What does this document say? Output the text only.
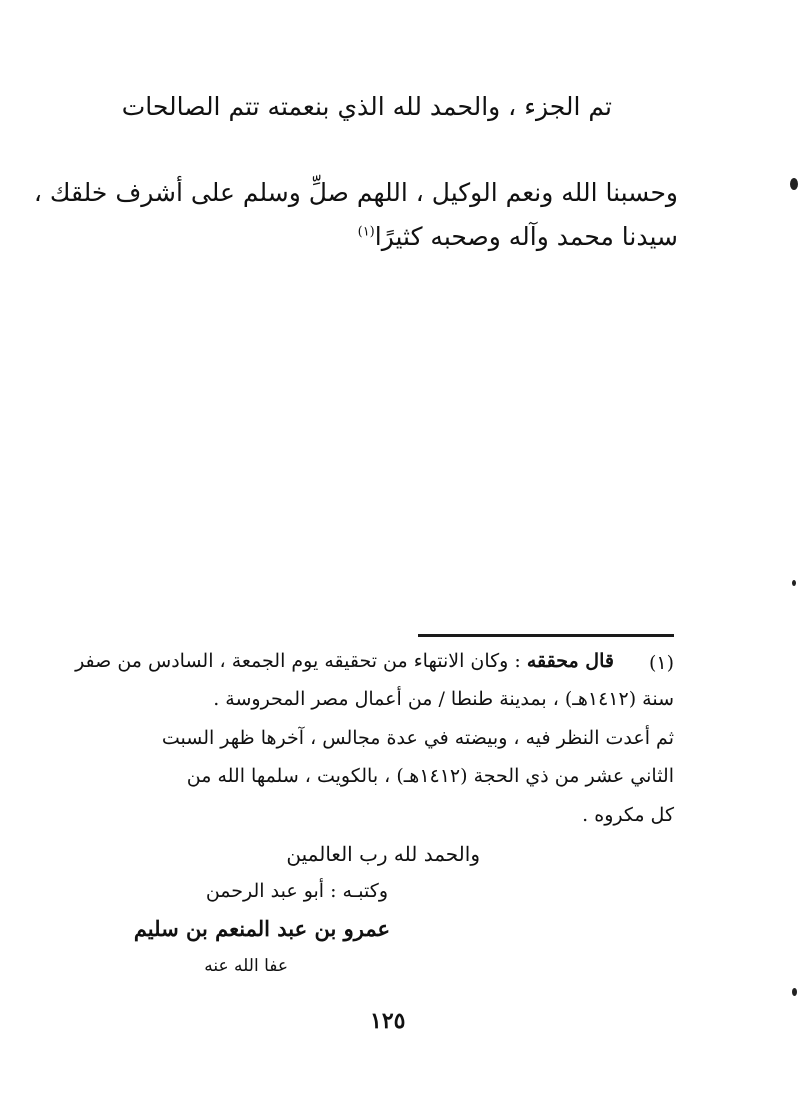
تم الجزء ، والحمد لله الذي بنعمته تتم الصالحات
وحسبنا الله ونعم الوكيل ، اللهم صلِّ وسلم على أشرف خلقك ،
سيدنا محمد وآله وصحبه كثيرًا$^{(١)}$
(١)
قال محققه : وكان الانتهاء من تحقيقه يوم الجمعة ، السادس من صفر
سنة (١٤١٢هـ) ، بمدينة طنطا / من أعمال مصر المحروسة .
ثم أعدت النظر فيه ، وبيضته في عدة مجالس ، آخرها ظهر السبت
الثاني عشر من ذي الحجة (١٤١٢هـ) ، بالكويت ، سلمها الله من
كل مكروه .
والحمد لله رب العالمين
وكتبـه : أبو عبد الرحمن
عمرو بن عبد المنعم بن سليم
عفا الله عنه
١٢٥
